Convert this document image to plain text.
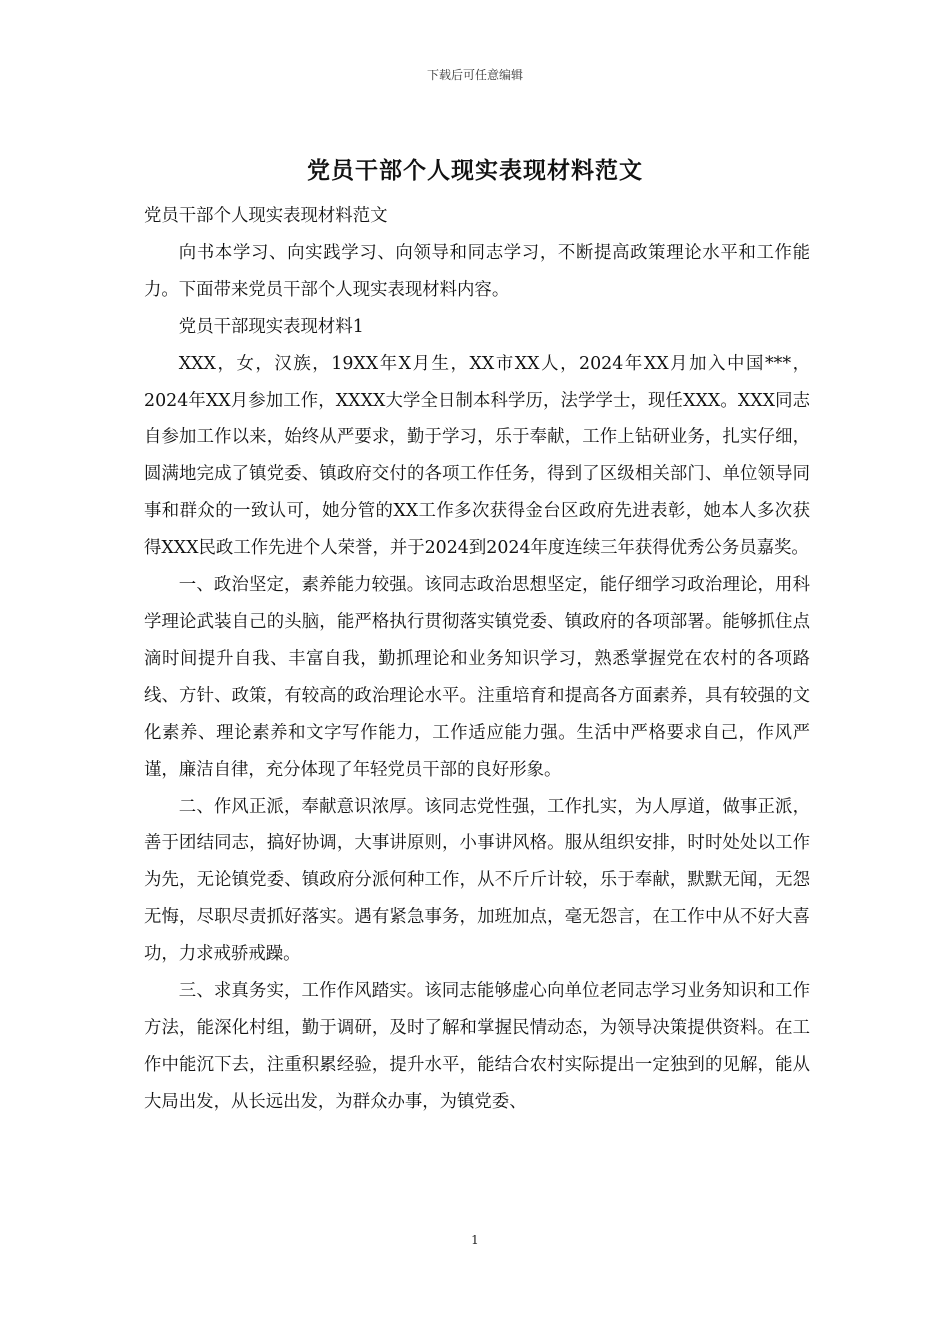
下载后可任意编辑
党员干部个人现实表现材料范文

党员干部个人现实表现材料范文

向书本学习、向实践学习、向领导和同志学习，不断提高政策理论水平和工作能力。下面带来党员干部个人现实表现材料内容。

党员干部现实表现材料1

XXX，女，汉族，19XX年X月生，XX市XX人，2024年XX月加入中国***，2024年XX月参加工作，XXXX大学全日制本科学历，法学学士，现任XXX。XXX同志自参加工作以来，始终从严要求，勤于学习，乐于奉献，工作上钻研业务，扎实仔细，圆满地完成了镇党委、镇政府交付的各项工作任务，得到了区级相关部门、单位领导同事和群众的一致认可，她分管的XX工作多次获得金台区政府先进表彰，她本人多次获得XXX民政工作先进个人荣誉，并于2024到2024年度连续三年获得优秀公务员嘉奖。

一、政治坚定，素养能力较强。该同志政治思想坚定，能仔细学习政治理论，用科学理论武装自己的头脑，能严格执行贯彻落实镇党委、镇政府的各项部署。能够抓住点滴时间提升自我、丰富自我，勤抓理论和业务知识学习，熟悉掌握党在农村的各项路线、方针、政策，有较高的政治理论水平。注重培育和提高各方面素养，具有较强的文化素养、理论素养和文字写作能力，工作适应能力强。生活中严格要求自己，作风严谨，廉洁自律，充分体现了年轻党员干部的良好形象。

二、作风正派，奉献意识浓厚。该同志党性强，工作扎实，为人厚道，做事正派，善于团结同志，搞好协调，大事讲原则，小事讲风格。服从组织安排，时时处处以工作为先，无论镇党委、镇政府分派何种工作，从不斤斤计较，乐于奉献，默默无闻，无怨无悔，尽职尽责抓好落实。遇有紧急事务，加班加点，毫无怨言，在工作中从不好大喜功，力求戒骄戒躁。

三、求真务实，工作作风踏实。该同志能够虚心向单位老同志学习业务知识和工作方法，能深化村组，勤于调研，及时了解和掌握民情动态，为领导决策提供资料。在工作中能沉下去，注重积累经验，提升水平，能结合农村实际提出一定独到的见解，能从大局出发，从长远出发，为群众办事，为镇党委、

1
